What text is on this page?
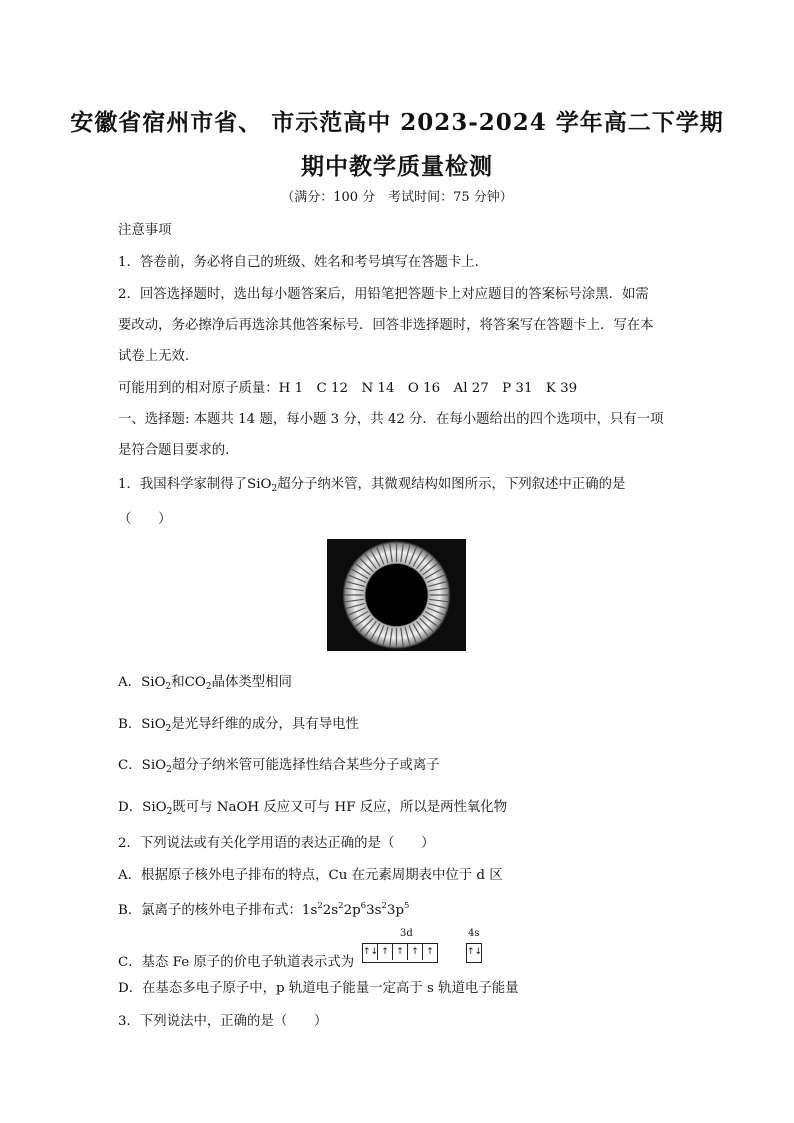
安徽省宿州市省、 市示范高中 2023-2024 学年高二下学期
期中教学质量检测
（满分：100 分　考试时间：75 分钟）
注意事项
1．答卷前，务必将自己的班级、姓名和考号填写在答题卡上．
2．回答选择题时，选出每小题答案后，用铅笔把答题卡上对应题目的答案标号涂黑．如需
要改动，务必擦净后再选涂其他答案标号．回答非选择题时，将答案写在答题卡上．写在本
试卷上无效．
可能用到的相对原子质量：H 1　C 12　N 14　O 16　Al 27　P 31　K 39
一、选择题: 本题共 14 题，每小题 3 分，共 42 分．在每小题给出的四个选项中，只有一项
是符合题目要求的．
1．我国科学家制得了SiO$_2$超分子纳米管，其微观结构如图所示，下列叙述中正确的是
（　　）
A．SiO$_2$和$CO_2$晶体类型相同
B．SiO$_2$是光导纤维的成分，具有导电性
C．SiO$_2$超分子纳米管可能选择性结合某些分子或离子
D．SiO$_2$既可与 NaOH 反应又可与 HF 反应，所以是两性氧化物
2．下列说法或有关化学用语的表达正确的是（　　）
A．根据原子核外电子排布的特点，Cu 在元素周期表中位于 d 区
B．氯离子的核外电子排布式：$1s^22s^22p^63s^23p^5$
3d	4s
C．基态 Fe 原子的价电子轨道表示式为
↑↓ ↑ ↑ ↑ ↑	↑↓
D．在基态多电子原子中，p 轨道电子能量一定高于 s 轨道电子能量
3．下列说法中，正确的是（　　）
